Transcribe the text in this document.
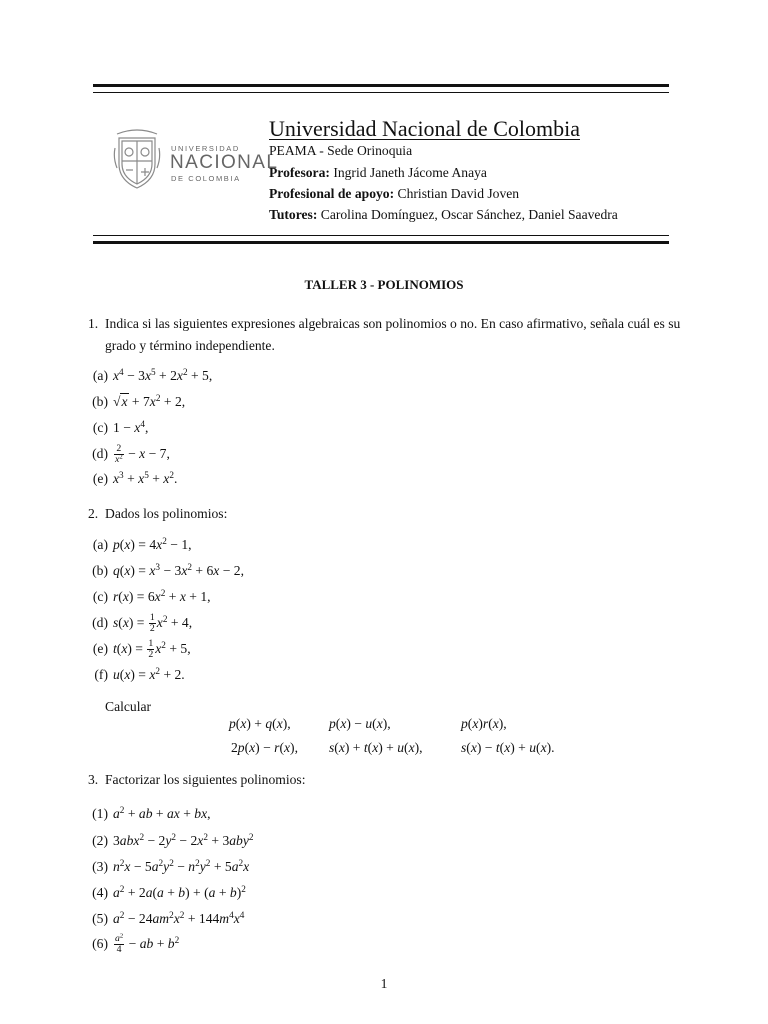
UNIVERSIDAD
NACIONAL
DE COLOMBIA
Universidad Nacional de Colombia
PEAMA - Sede Orinoquia
Profesora: Ingrid Janeth Jácome Anaya
Profesional de apoyo: Christian David Joven
Tutores: Carolina Domínguez, Oscar Sánchez, Daniel Saavedra
TALLER 3 - POLINOMIOS
1. Indica si las siguientes expresiones algebraicas son polinomios o no. En caso afirmativo, señala cuál es su
grado y término independiente.
(a) $x^4 - 3x^5 + 2x^2 + 5$,
(b) $√x + 7x^2 + 2$,
(c) $1 - x^4$,
$(d) \frac{2}{x^2} - x - 7$,
(e) $x^3 + x^5 + x^2$.
2. Dados los polinomios:
(a) $p(x) = 4x^2 - 1$,
(b) $q(x) = x^3 - 3x^2 + 6x - 2$,
(c) $r(x) = 6x^2 + x + 1$,
(d) $s(x) = \frac{1}{2} x^2 + 4$,
(e) $t(x) = \frac{1}{2} x^2 + 5$,
(f) $u(x) = x^2 + 2$.
Calcular
p(x) + q(x),	p(x) − u(x),	p(x)r(x),
2p(x) − r(x), s(x) + t(x) + u(x),	s(x) − t(x) + u(x).
3. Factorizar los siguientes polinomios:
(1) $a^2$ + ab + ax + bx,
(2) $3abx^2 - 2y^2 - 2x^2 + 3aby^2$
(3) $n^2x - 5a^2y^2 - n^2y^2 + 5a^2x$
(4) $a^2 + 2a(a + b) + (a + b)^2$
(5) $a^2 - 24am^2x^2 + 144m^4x^4$
$(6) \frac{a^2}{4}$ − ab + $b^2$
1
